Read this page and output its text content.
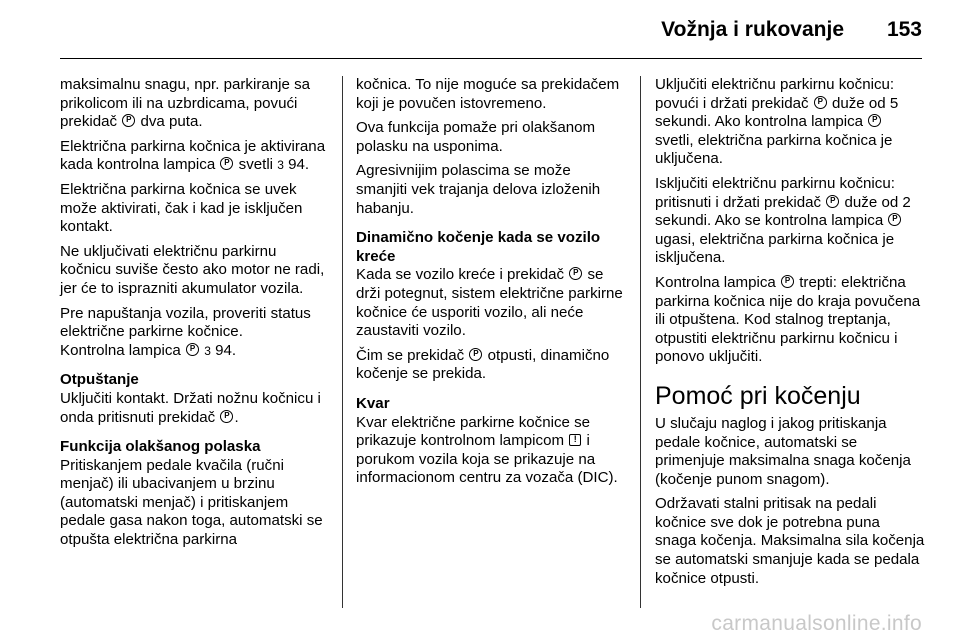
Vožnja i rukovanje 153

maksimalnu snagu, npr. parkiranje sa prikolicom ili na uzbrdicama, povući prekidač P dva puta.

Električna parkirna kočnica je aktivirana kada kontrolna lampica P svetli 3 94.

Električna parkirna kočnica se uvek može aktivirati, čak i kad je isključen kontakt.

Ne uključivati električnu parkirnu kočnicu suviše često ako motor ne radi, jer će to isprazniti akumulator vozila.

Pre napuštanja vozila, proveriti status električne parkirne kočnice.
Kontrolna lampica P 3 94.

Otpuštanje

Uključiti kontakt. Držati nožnu kočnicu i onda pritisnuti prekidač P .

Funkcija olakšanog polaska

Pritiskanjem pedale kvačila (ručni menjač) ili ubacivanjem u brzinu (automatski menjač) i pritiskanjem pedale gasa nakon toga, automatski se otpušta električna parkirna

kočnica. To nije moguće sa prekidačem koji je povučen istovremeno.

Ova funkcija pomaže pri olakšanom polasku na usponima.

Agresivnijim polascima se može smanjiti vek trajanja delova izloženih habanju.

Dinamično kočenje kada se vozilo kreće

Kada se vozilo kreće i prekidač P se drži potegnut, sistem električne parkirne kočnice će usporiti vozilo, ali neće zaustaviti vozilo.

Čim se prekidač P otpusti, dinamično kočenje se prekida.

Kvar

Kvar električne parkirne kočnice se prikazuje kontrolnom lampicom ! i porukom vozila koja se prikazuje na informacionom centru za vozača (DIC).

Uključiti električnu parkirnu kočnicu: povući i držati prekidač P duže od 5 sekundi. Ako kontrolna lampica P svetli, električna parkirna kočnica je uključena.

Isključiti električnu parkirnu kočnicu: pritisnuti i držati prekidač P duže od 2 sekundi. Ako se kontrolna lampica P ugasi, električna parkirna kočnica je isključena.

Kontrolna lampica P trepti: električna parkirna kočnica nije do kraja povučena ili otpuštena. Kod stalnog treptanja, otpustiti električnu parkirnu kočnicu i ponovo uključiti.

Pomoć pri kočenju

U slučaju naglog i jakog pritiskanja pedale kočnice, automatski se primenjuje maksimalna snaga kočenja (kočenje punom snagom).

Održavati stalni pritisak na pedali kočnice sve dok je potrebna puna snaga kočenja. Maksimalna sila kočenja se automatski smanjuje kada se pedala kočnice otpusti.

carmanualsonline.info
